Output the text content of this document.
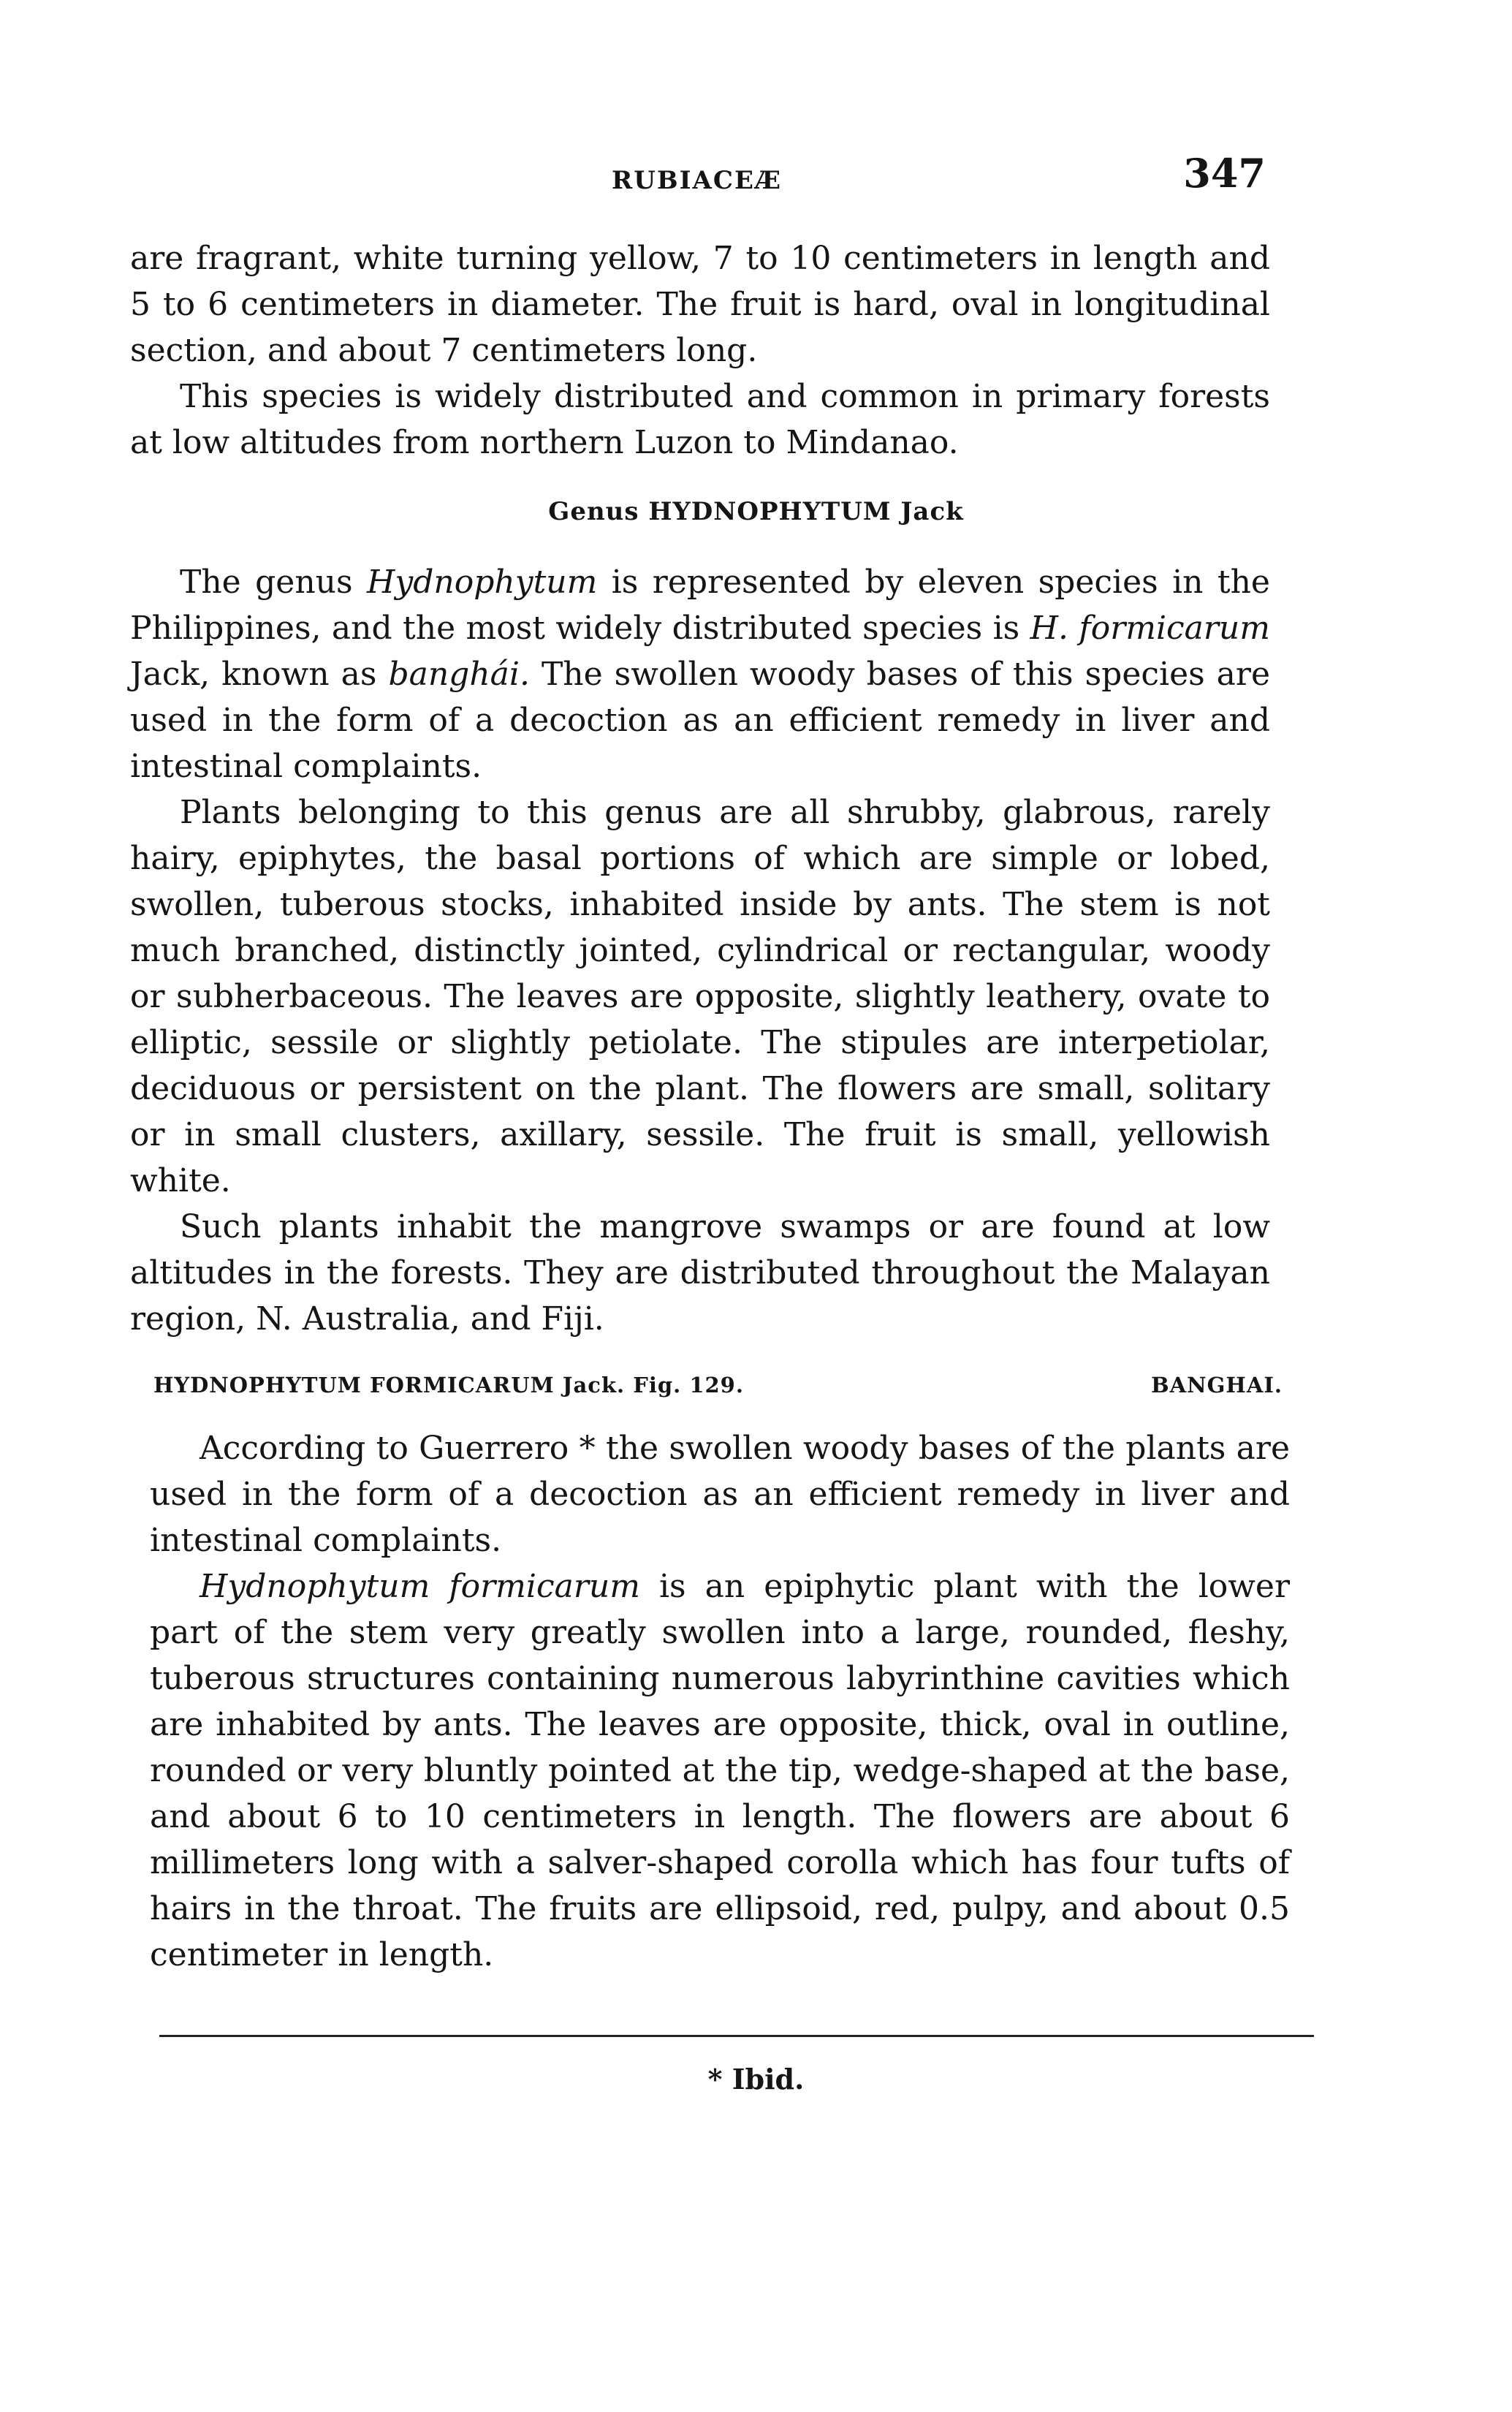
RUBIACEÆ	347

are fragrant, white turning yellow, 7 to 10 centimeters in length and 5 to 6 centimeters in diameter. The fruit is hard, oval in longitudinal section, and about 7 centimeters long.

This species is widely distributed and common in primary forests at low altitudes from northern Luzon to Mindanao.

Genus HYDNOPHYTUM Jack

The genus Hydnophytum is represented by eleven species in the Philippines, and the most widely distributed species is H. formicarum Jack, known as banghái. The swollen woody bases of this species are used in the form of a decoction as an efficient remedy in liver and intestinal complaints.

Plants belonging to this genus are all shrubby, glabrous, rarely hairy, epiphytes, the basal portions of which are simple or lobed, swollen, tuberous stocks, inhabited inside by ants. The stem is not much branched, distinctly jointed, cylindrical or rectangular, woody or subherbaceous. The leaves are opposite, slightly leathery, ovate to elliptic, sessile or slightly petiolate. The stipules are interpetiolar, deciduous or persistent on the plant. The flowers are small, solitary or in small clusters, axillary, sessile. The fruit is small, yellowish white.

Such plants inhabit the mangrove swamps or are found at low altitudes in the forests. They are distributed throughout the Malayan region, N. Australia, and Fiji.

HYDNOPHYTUM FORMICARUM Jack. Fig. 129.	BANGHAI.

According to Guerrero * the swollen woody bases of the plants are used in the form of a decoction as an efficient remedy in liver and intestinal complaints.

Hydnophytum formicarum is an epiphytic plant with the lower part of the stem very greatly swollen into a large, rounded, fleshy, tuberous structures containing numerous labyrinthine cavities which are inhabited by ants. The leaves are opposite, thick, oval in outline, rounded or very bluntly pointed at the tip, wedge-shaped at the base, and about 6 to 10 centimeters in length. The flowers are about 6 millimeters long with a salver-shaped corolla which has four tufts of hairs in the throat. The fruits are ellipsoid, red, pulpy, and about 0.5 centimeter in length.

* Ibid.
